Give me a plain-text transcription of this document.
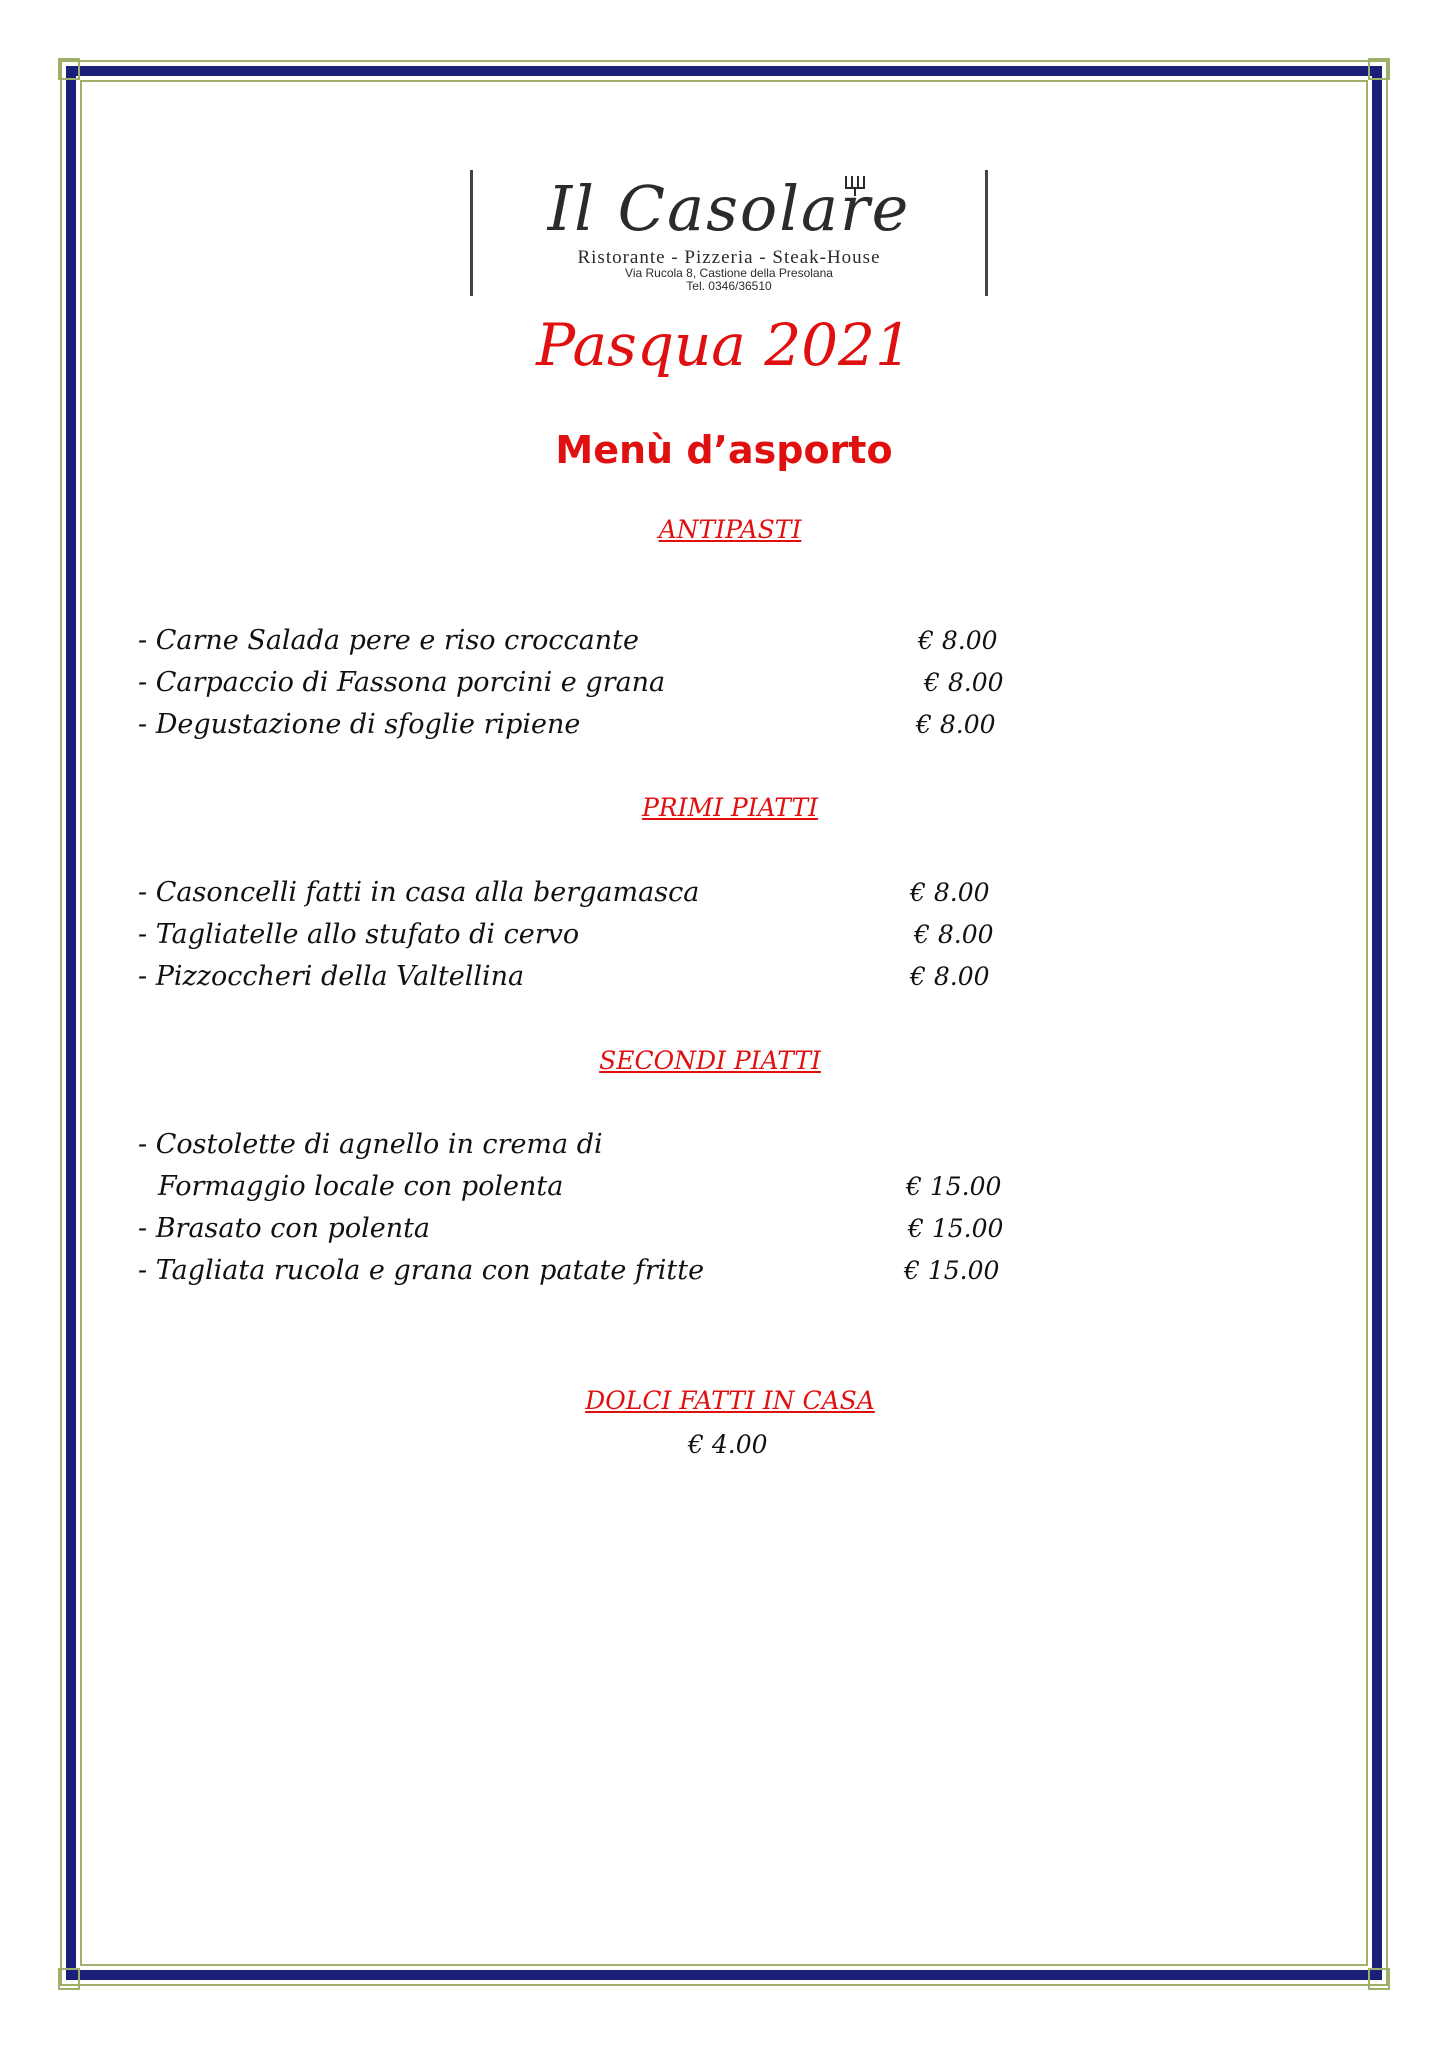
Il Casolare
Ristorante - Pizzeria - Steak-House
Via Rucola 8, Castione della Presolana
Tel. 0346/36510
Pasqua 2021
Menù d’asporto
ANTIPASTI
- Carne Salada pere e riso croccante	€ 8.00
- Carpaccio di Fassona porcini e grana	€ 8.00
- Degustazione di sfoglie ripiene	€ 8.00
PRIMI PIATTI
- Casoncelli fatti in casa alla bergamasca	€ 8.00
- Tagliatelle allo stufato di cervo	€ 8.00
- Pizzoccheri della Valtellina	€ 8.00
SECONDI PIATTI
- Costolette di agnello in crema di
Formaggio locale con polenta	€ 15.00
- Brasato con polenta	€ 15.00
- Tagliata rucola e grana con patate fritte	€ 15.00
DOLCI FATTI IN CASA
€ 4.00
